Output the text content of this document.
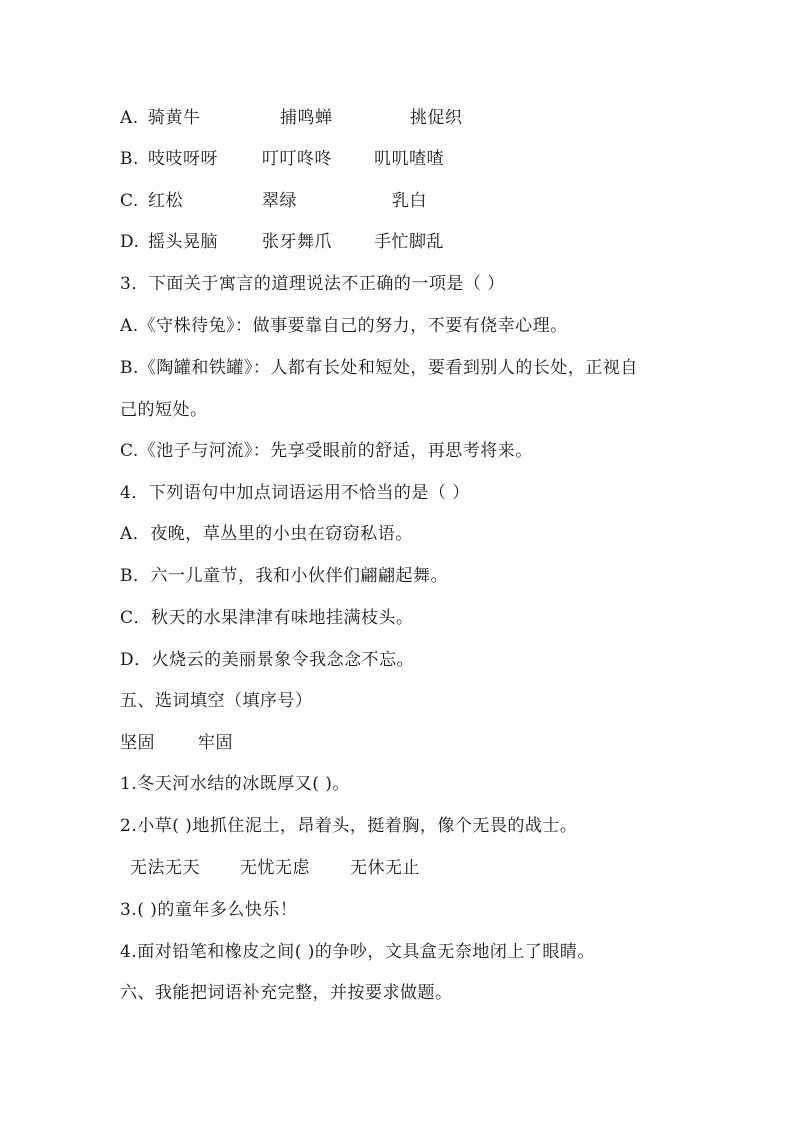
A. 骑黄牛	捕鸣蝉	挑促织
B. 吱吱呀呀	叮叮咚咚 叽叽喳喳
C. 红松	翠绿	乳白
D. 摇头晃脑	张牙舞爪 手忙脚乱
3．下面关于寓言的道理说法不正确的一项是（ ）
A.《守株待兔》：做事要靠自己的努力，不要有侥幸心理。
B.《陶罐和铁罐》：人都有长处和短处，要看到别人的长处，正视自
己的短处。
C.《池子与河流》：先享受眼前的舒适，再思考将来。
4．下列语句中加点词语运用不恰当的是（ ）
A．夜晚，草丛里的小虫在窃窃私语。
B．六一儿童节，我和小伙伴们翩翩起舞。
C．秋天的水果津津有味地挂满枝头。
D．火烧云的美丽景象令我念念不忘。
五、选词填空（填序号）
坚固	牢固
1.冬天河水结的冰既厚又( )。
2.小草( )地抓住泥土，昂着头，挺着胸，像个无畏的战士。
无法无天 无忧无虑 无休无止
3.( )的童年多么快乐！
4.面对铅笔和橡皮之间( )的争吵，文具盒无奈地闭上了眼睛。
六、我能把词语补充完整，并按要求做题。
